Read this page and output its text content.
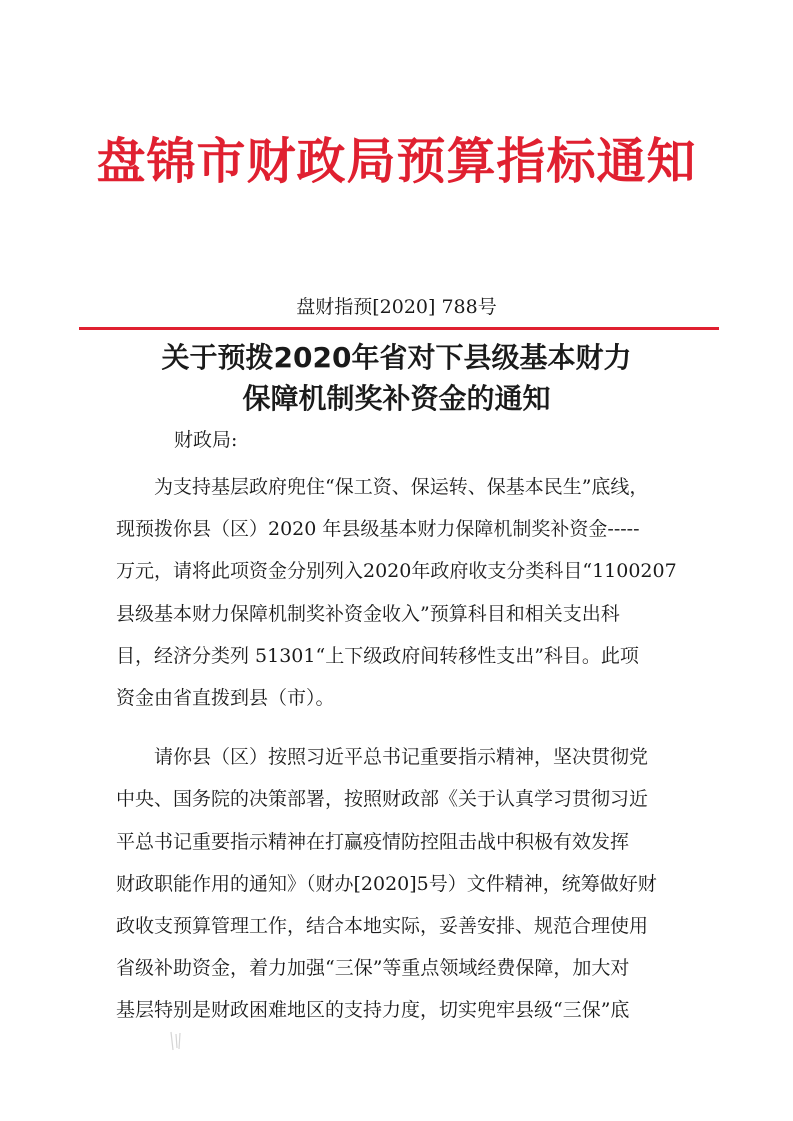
盘锦市财政局预算指标通知
盘财指预[2020] 788号
关于预拨2020年省对下县级基本财力
保障机制奖补资金的通知
财政局:
为支持基层政府兜住“保工资、保运转、保基本民生”底线，
现预拨你县（区）2020 年县级基本财力保障机制奖补资金-----
万元，请将此项资金分别列入2020年政府收支分类科目“1100207
县级基本财力保障机制奖补资金收入”预算科目和相关支出科
目，经济分类列 51301“上下级政府间转移性支出”科目。此项
资金由省直拨到县（市）。
请你县（区）按照习近平总书记重要指示精神，坚决贯彻党
中央、国务院的决策部署，按照财政部《关于认真学习贯彻习近
平总书记重要指示精神在打赢疫情防控阻击战中积极有效发挥
财政职能作用的通知》（财办[2020]5号）文件精神，统筹做好财
政收支预算管理工作，结合本地实际，妥善安排、规范合理使用
省级补助资金，着力加强“三保”等重点领域经费保障，加大对
基层特别是财政困难地区的支持力度，切实兜牢县级“三保”底
